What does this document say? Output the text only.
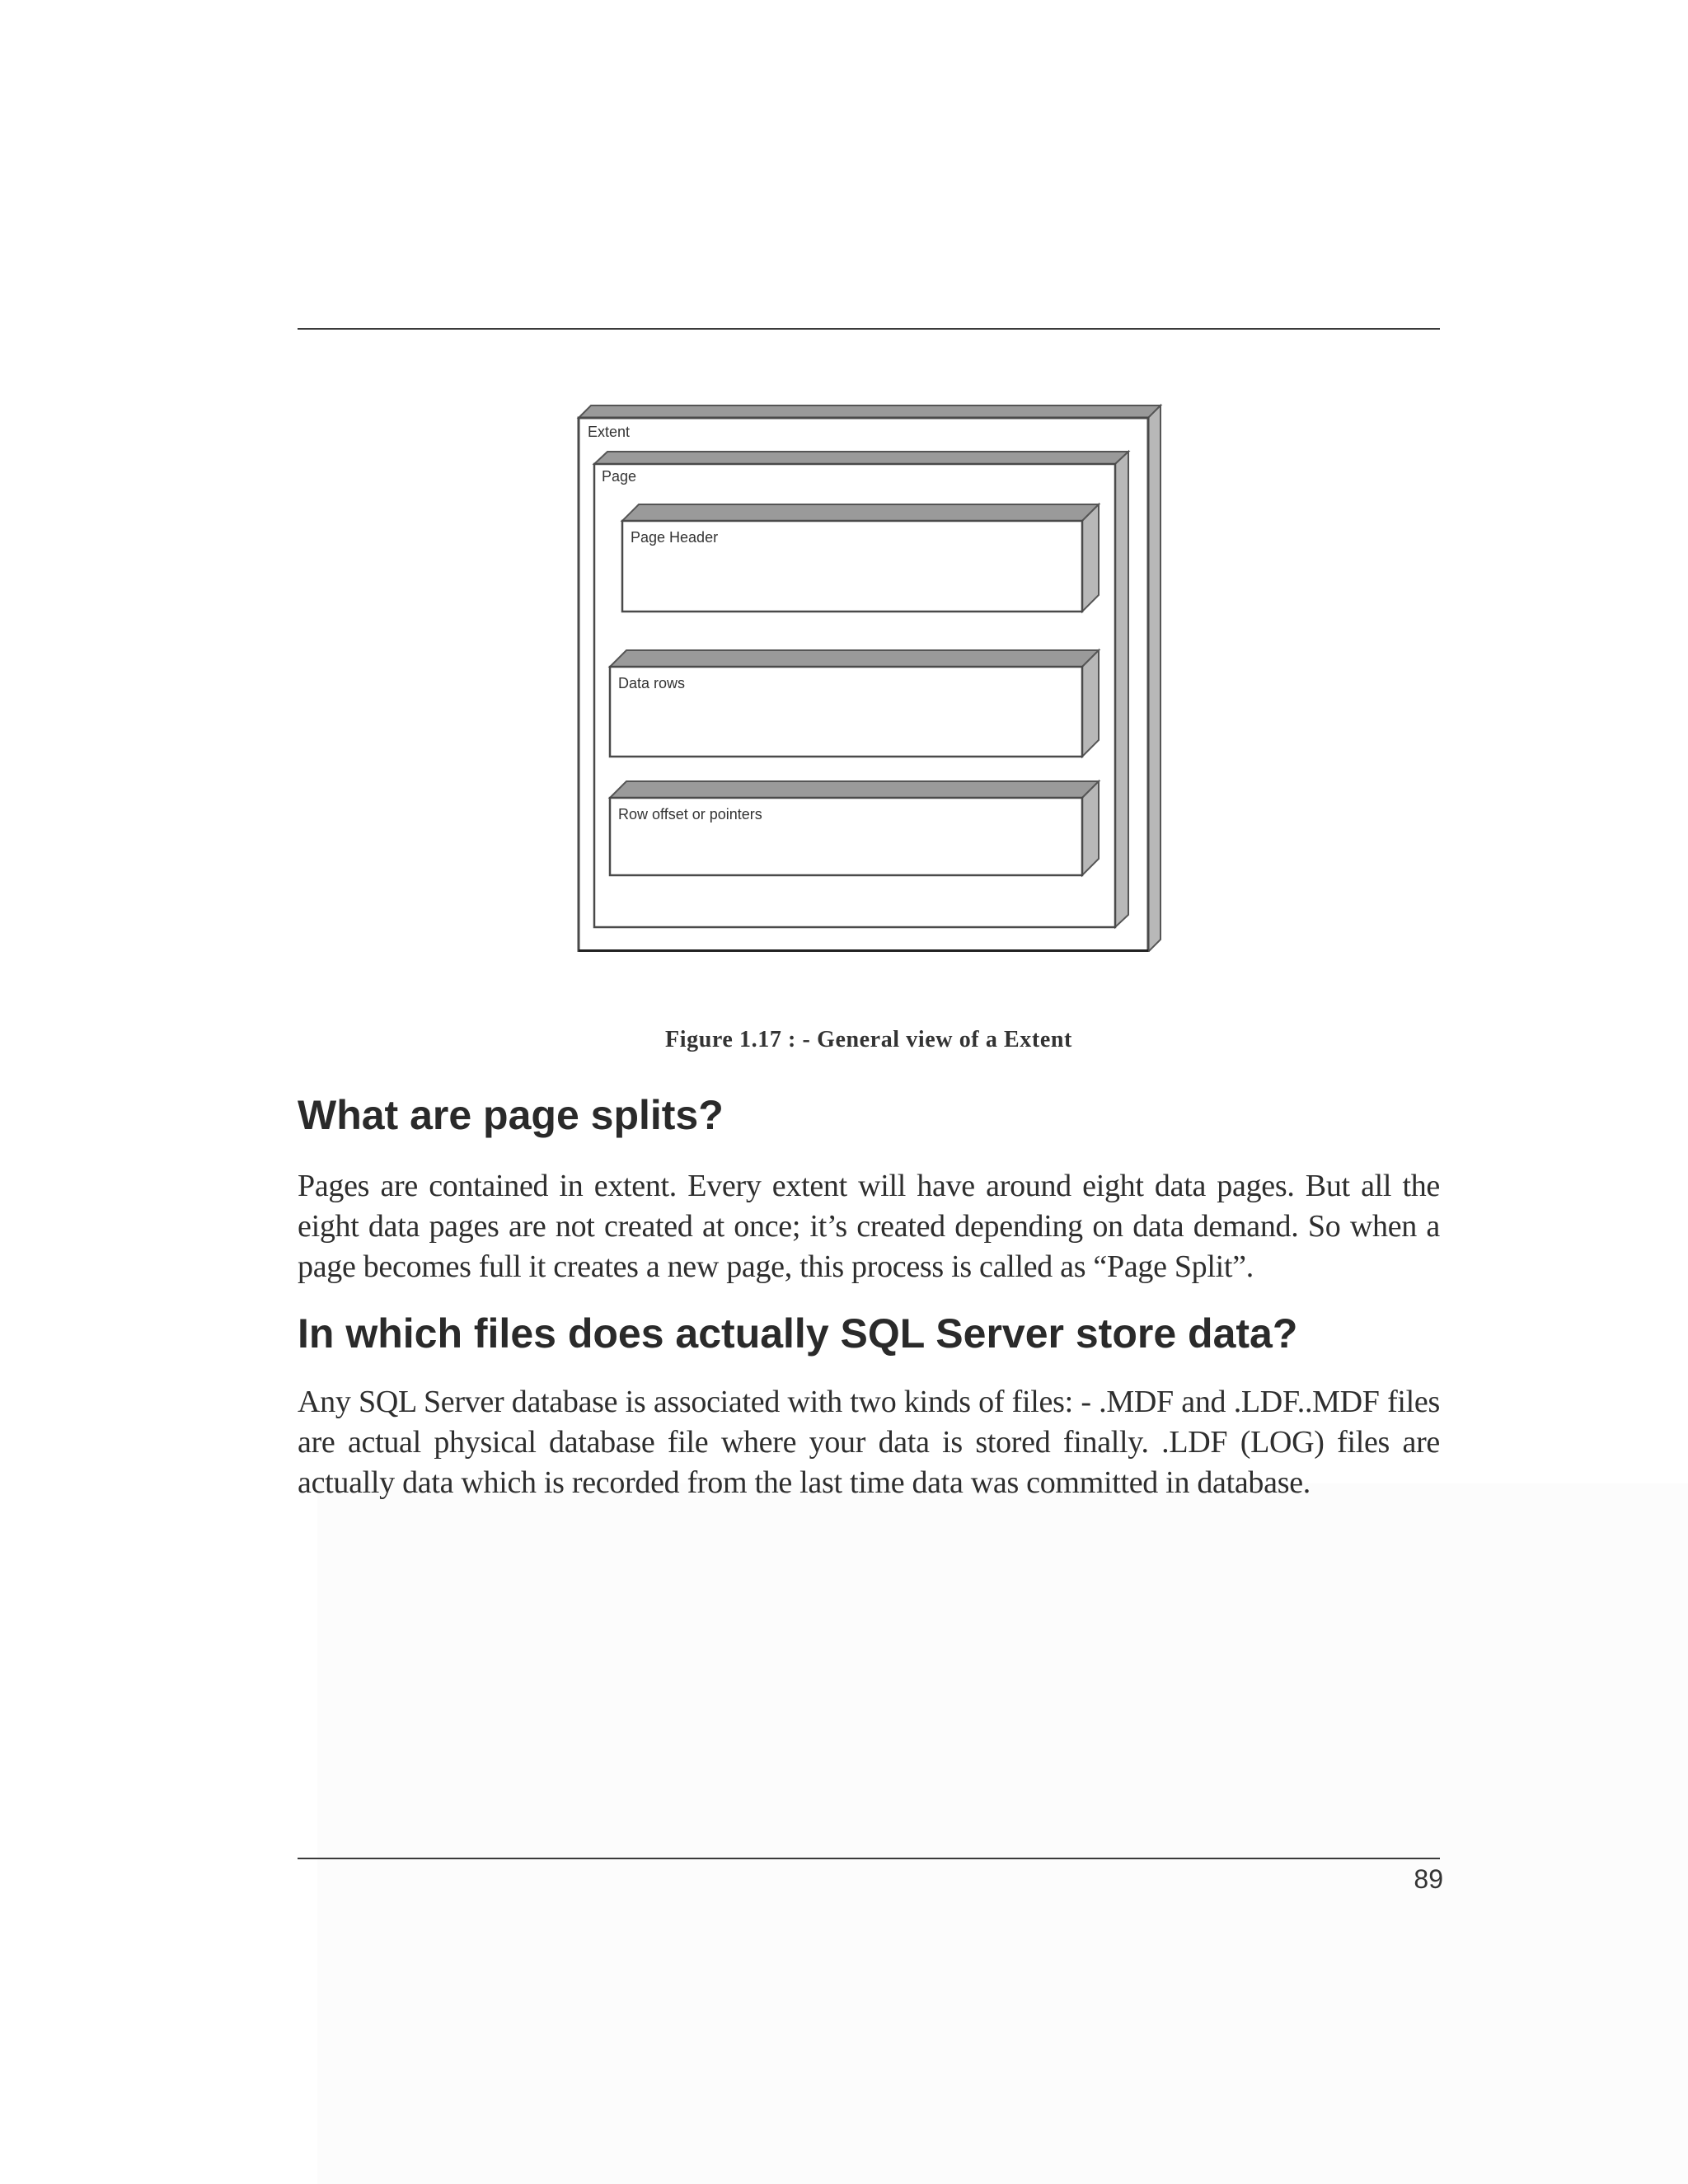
Extent
Page
Page Header
Data rows
Row offset or pointers
Figure 1.17 : - General view of a Extent
What are page splits?

Pages are contained in extent. Every extent will have around eight data pages. But all the eight data pages are not created at once; it’s created depending on data demand. So when a page becomes full it creates a new page, this process is called as “Page Split”.

In which files does actually SQL Server store data?

Any SQL Server database is associated with two kinds of files: - .MDF and .LDF..MDF files are actual physical database file where your data is stored finally. .LDF (LOG) files are actually data which is recorded from the last time data was committed in database.

89
